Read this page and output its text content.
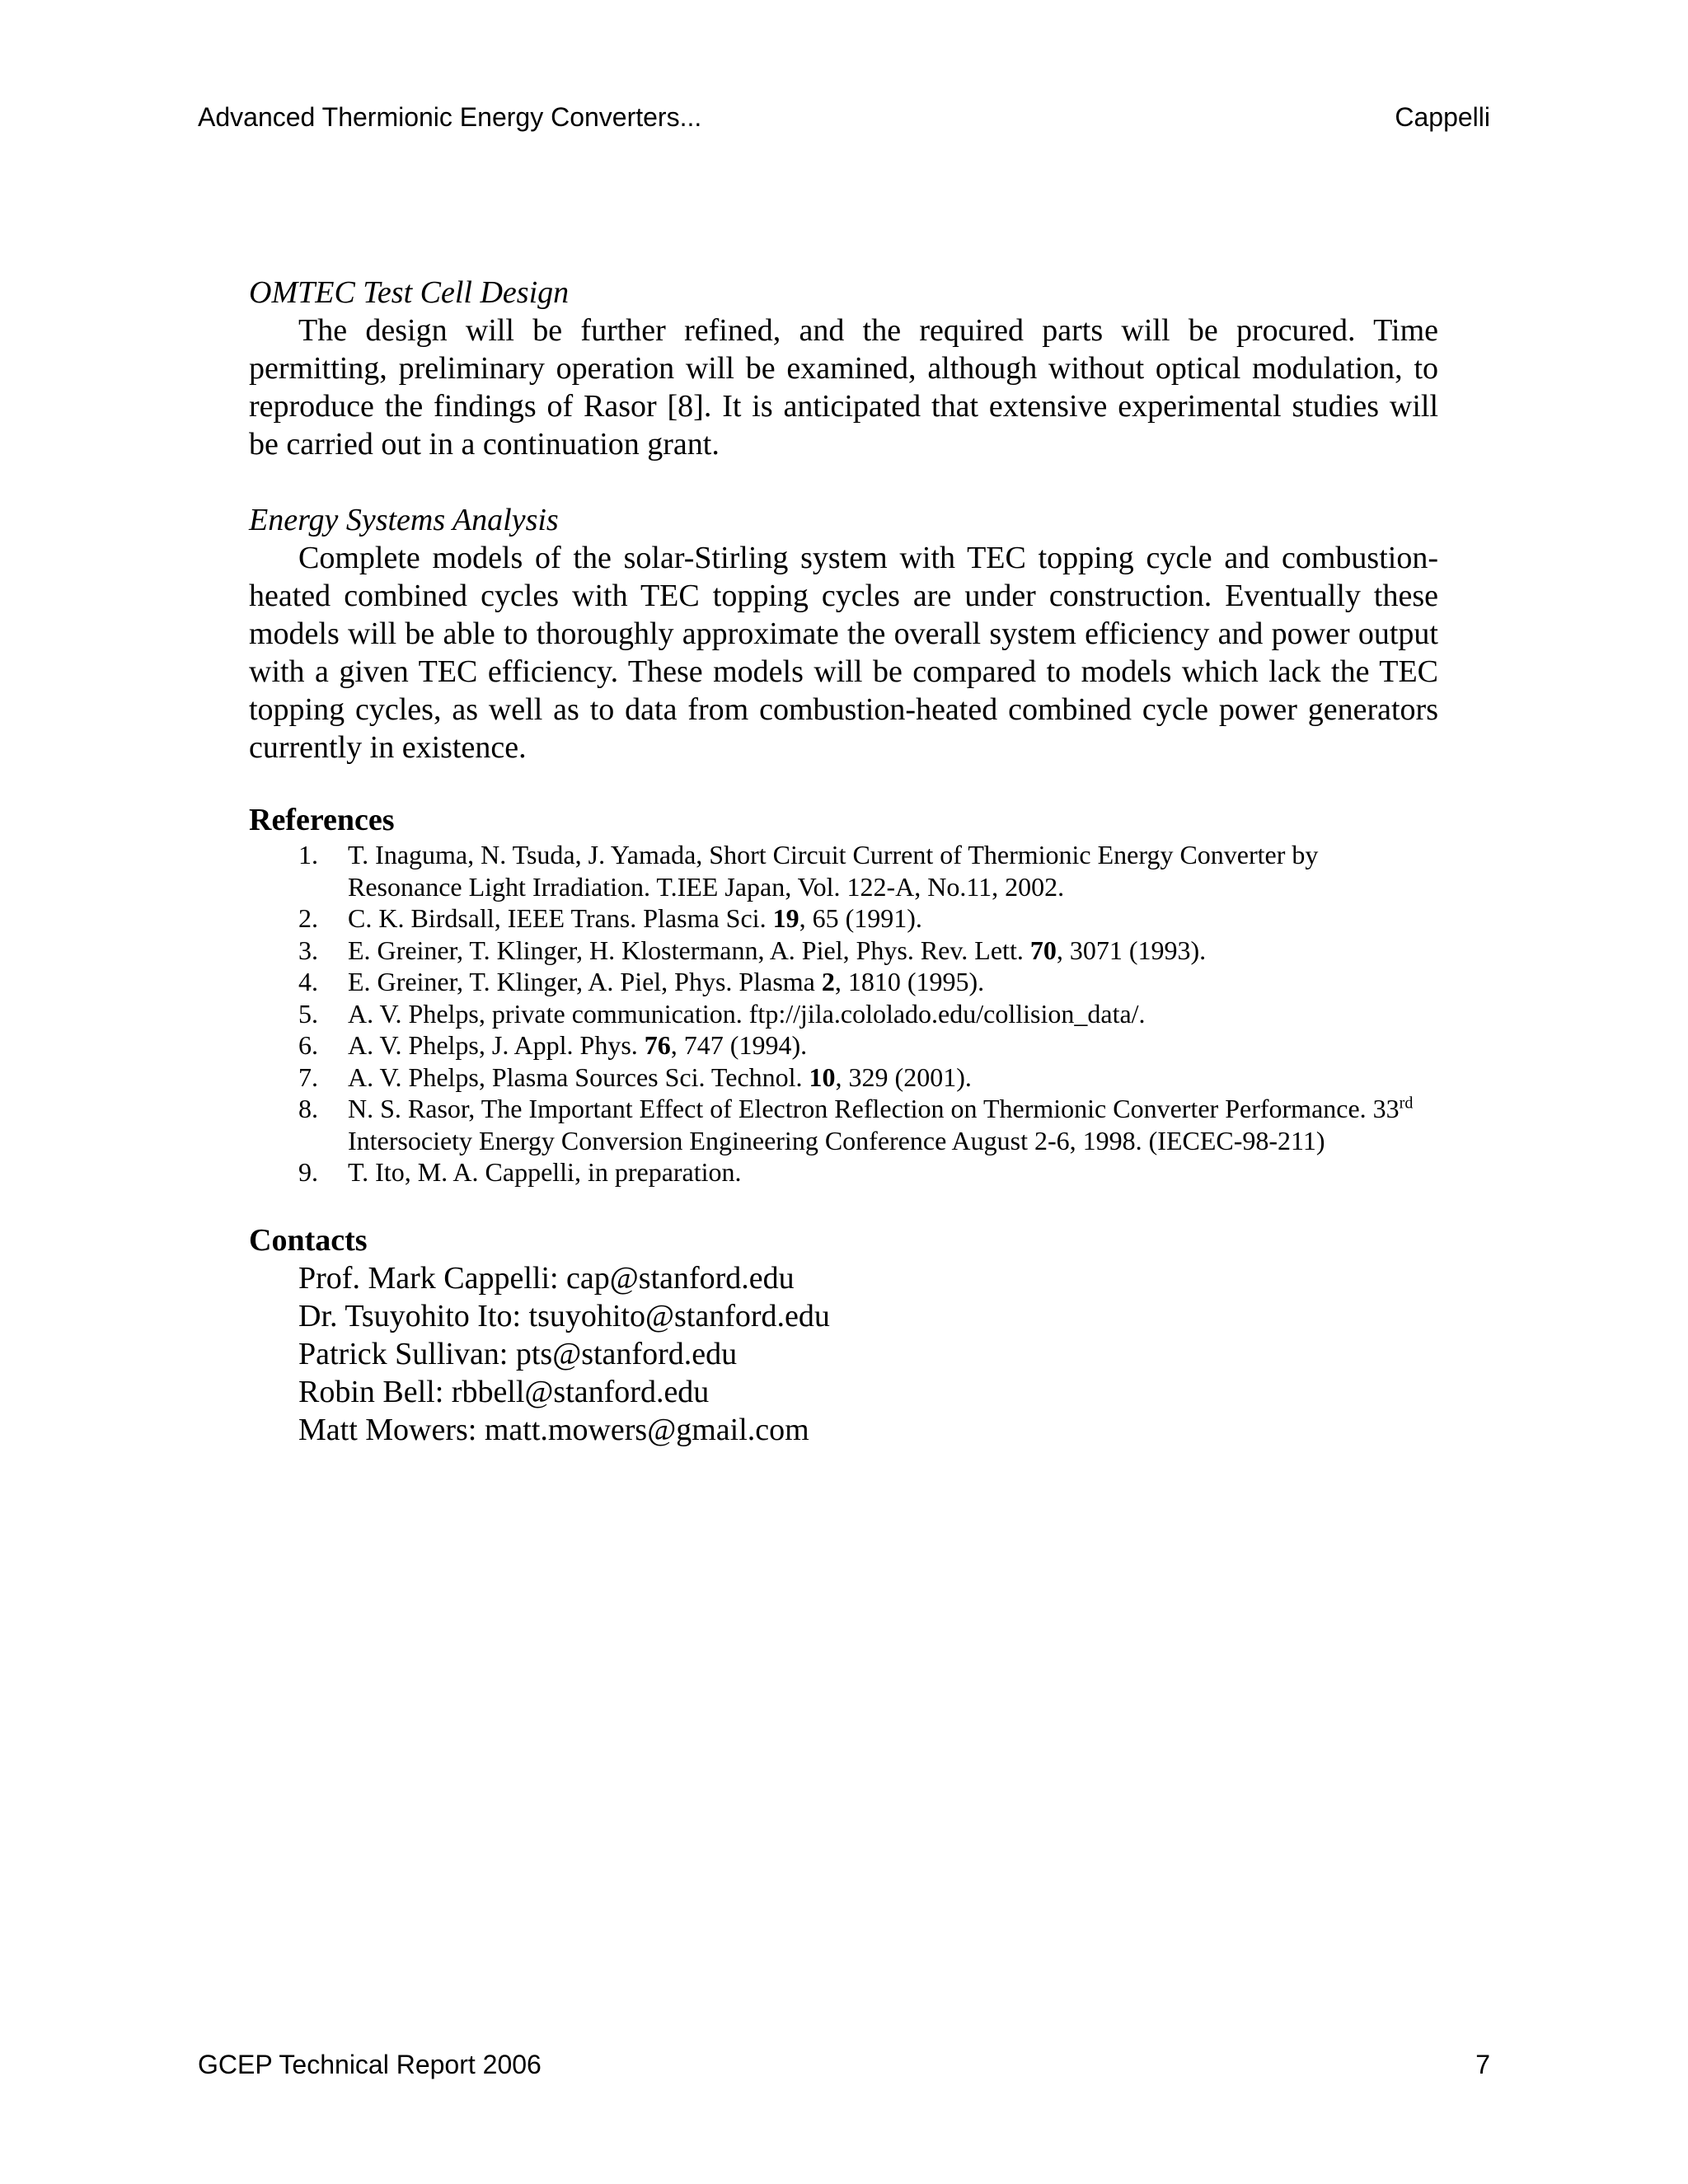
Advanced Thermionic Energy Converters...	Cappelli

OMTEC Test Cell Design

The design will be further refined, and the required parts will be procured. Time permitting, preliminary operation will be examined, although without optical modulation, to reproduce the findings of Rasor [8]. It is anticipated that extensive experimental studies will be carried out in a continuation grant.

Energy Systems Analysis

Complete models of the solar-Stirling system with TEC topping cycle and combustion-heated combined cycles with TEC topping cycles are under construction. Eventually these models will be able to thoroughly approximate the overall system efficiency and power output with a given TEC efficiency. These models will be compared to models which lack the TEC topping cycles, as well as to data from combustion-heated combined cycle power generators currently in existence.

References

1.	T. Inaguma, N. Tsuda, J. Yamada, Short Circuit Current of Thermionic Energy Converter by Resonance Light Irradiation. T.IEE Japan, Vol. 122-A, No.11, 2002.
2.	C. K. Birdsall, IEEE Trans. Plasma Sci. 19, 65 (1991).
3.	E. Greiner, T. Klinger, H. Klostermann, A. Piel, Phys. Rev. Lett. 70, 3071 (1993).
4.	E. Greiner, T. Klinger, A. Piel, Phys. Plasma 2, 1810 (1995).
5.	A. V. Phelps, private communication. ftp://jila.cololado.edu/collision_data/.
6.	A. V. Phelps, J. Appl. Phys. 76, 747 (1994).
7.	A. V. Phelps, Plasma Sources Sci. Technol. 10, 329 (2001).
8.	N. S. Rasor, The Important Effect of Electron Reflection on Thermionic Converter Performance. 33rd Intersociety Energy Conversion Engineering Conference August 2-6, 1998. (IECEC-98-211)
9.	T. Ito, M. A. Cappelli, in preparation.

Contacts

Prof. Mark Cappelli: cap@stanford.edu
Dr. Tsuyohito Ito: tsuyohito@stanford.edu
Patrick Sullivan: pts@stanford.edu
Robin Bell: rbbell@stanford.edu
Matt Mowers: matt.mowers@gmail.com
GCEP Technical Report 2006	7
